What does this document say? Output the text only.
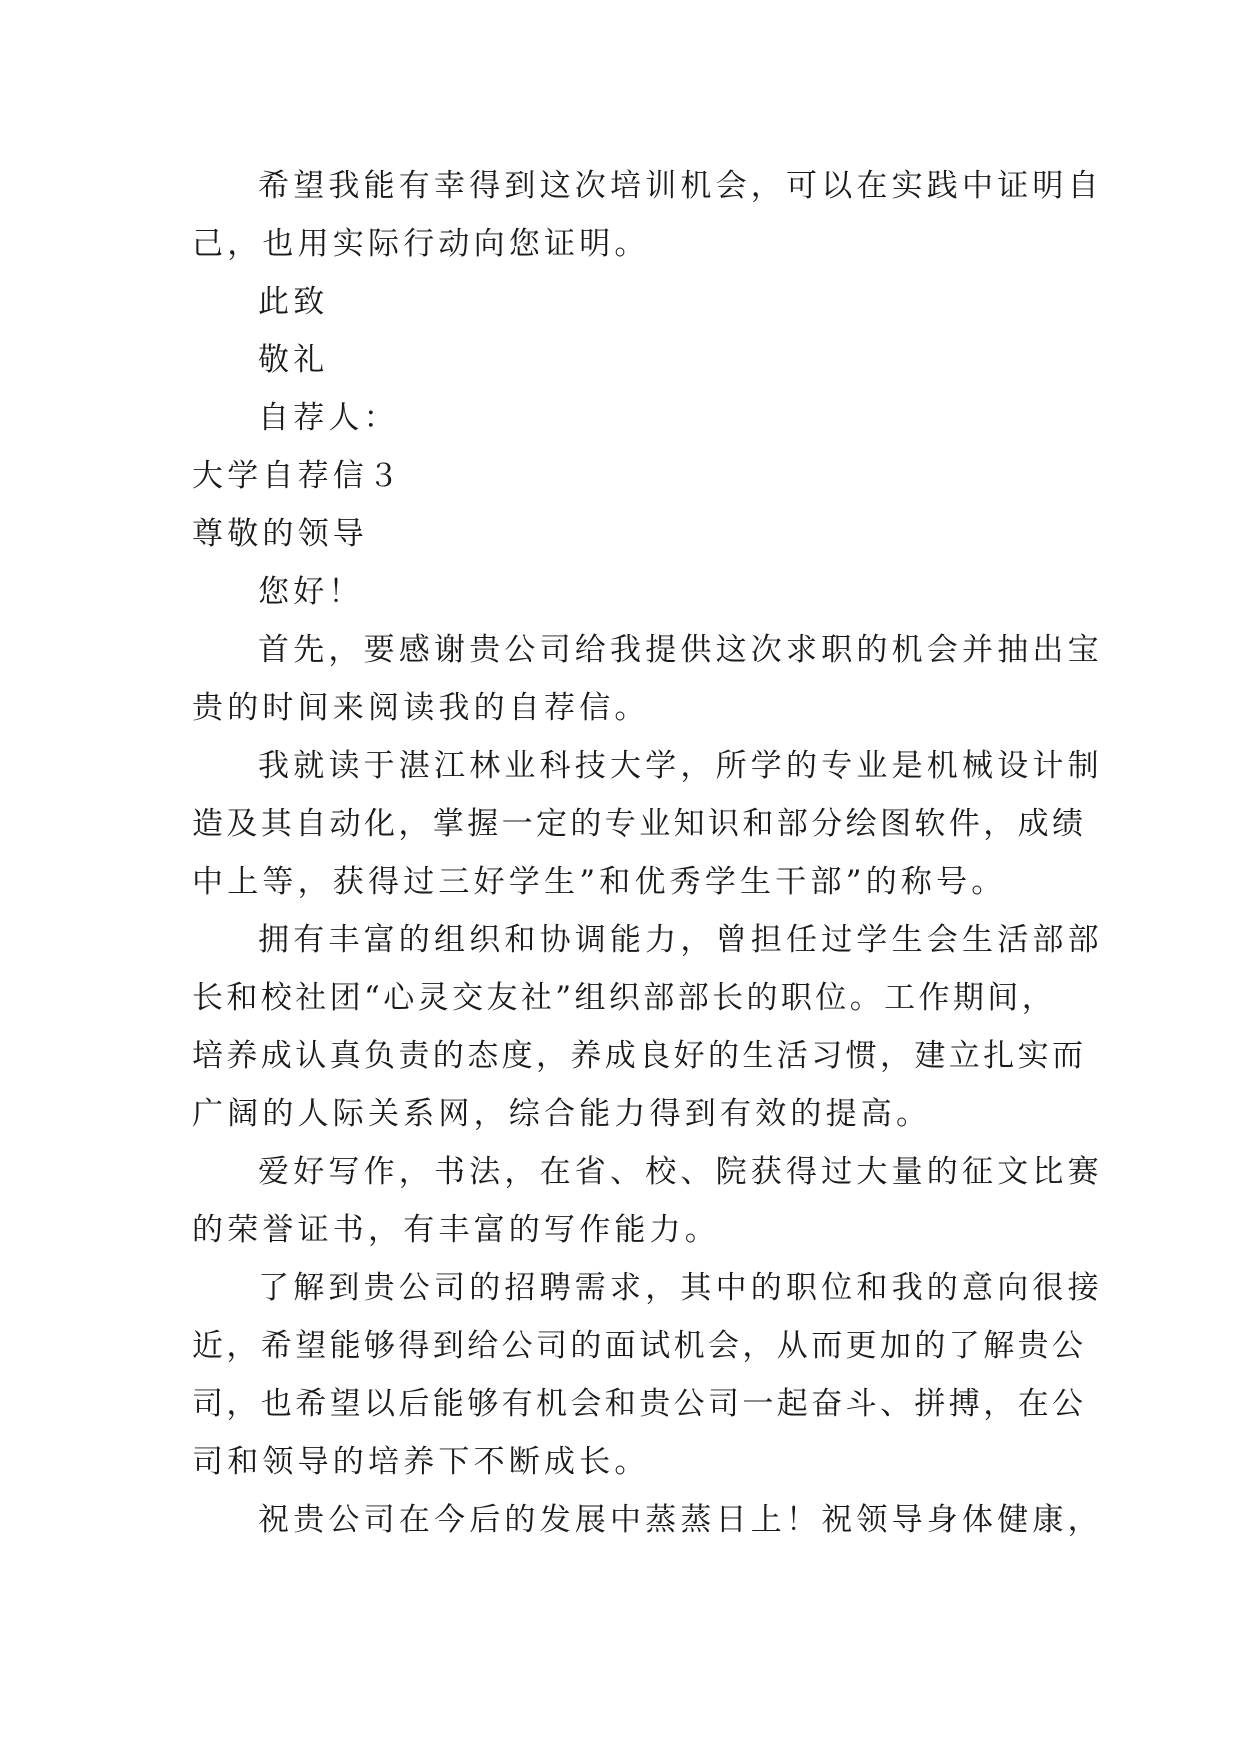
希望我能有幸得到这次培训机会，可以在实践中证明自
己，也用实际行动向您证明。
此致
敬礼
自荐人：
大学自荐信３
尊敬的领导
您好！
首先，要感谢贵公司给我提供这次求职的机会并抽出宝
贵的时间来阅读我的自荐信。
我就读于湛江林业科技大学，所学的专业是机械设计制
造及其自动化，掌握一定的专业知识和部分绘图软件，成绩
中上等，获得过三好学生”和优秀学生干部”的称号。
拥有丰富的组织和协调能力，曾担任过学生会生活部部
长和校社团“心灵交友社”组织部部长的职位。工作期间，
培养成认真负责的态度，养成良好的生活习惯，建立扎实而
广阔的人际关系网，综合能力得到有效的提高。
爱好写作，书法，在省、校、院获得过大量的征文比赛
的荣誉证书，有丰富的写作能力。
了解到贵公司的招聘需求，其中的职位和我的意向很接
近，希望能够得到给公司的面试机会，从而更加的了解贵公
司，也希望以后能够有机会和贵公司一起奋斗、拼搏，在公
司和领导的培养下不断成长。
祝贵公司在今后的发展中蒸蒸日上！祝领导身体健康，
